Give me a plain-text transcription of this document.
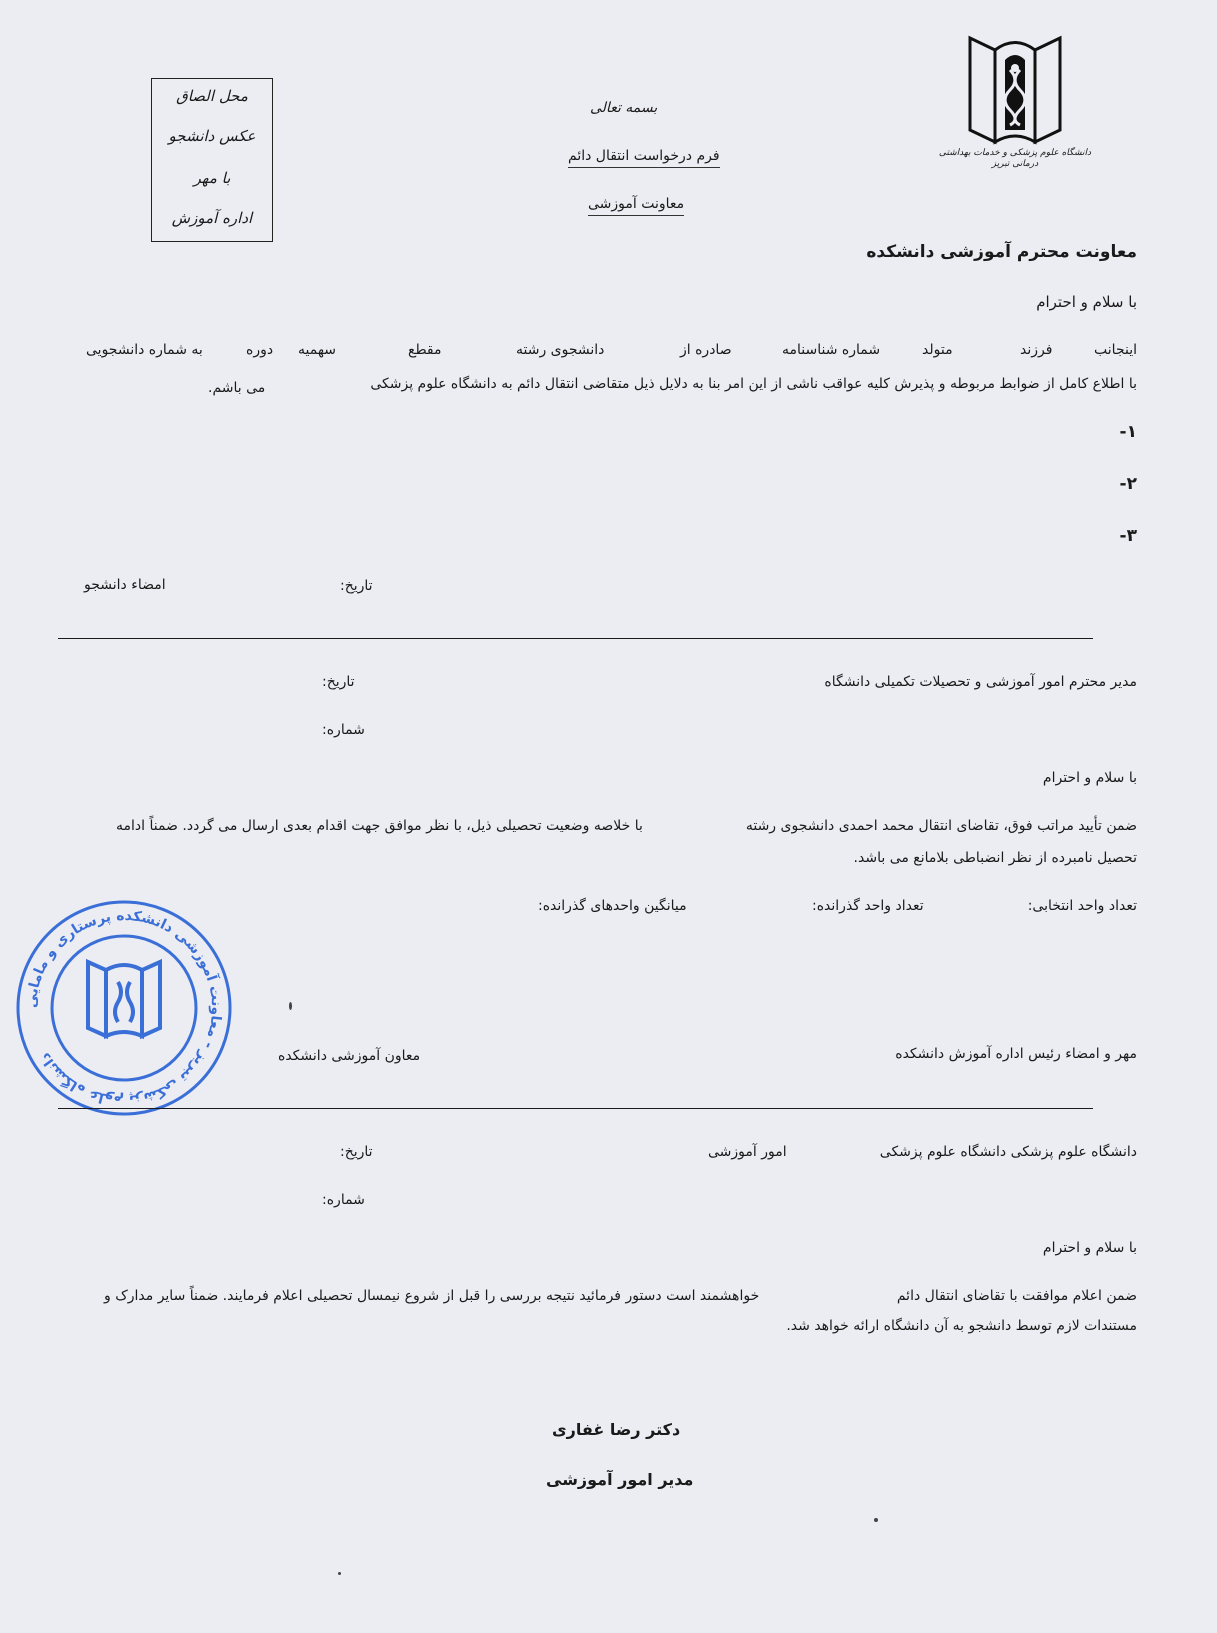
دانشگاه علوم پزشکی و خدمات بهداشتی درمانی تبریز
محل الصاق
عکس دانشجو
با مهر
اداره آموزش
بسمه تعالی
فرم درخواست انتقال دائم
معاونت آموزشی
معاونت محترم آموزشی دانشکده
با سلام و احترام
اینجانب
فرزند
متولد
شماره شناسنامه
صادره از
دانشجوی رشته
مقطع
سهمیه
دوره
به شماره دانشجویی
با اطلاع کامل از ضوابط مربوطه و پذیرش کلیه عواقب ناشی از این امر بنا به دلایل ذیل متقاضی انتقال دائم به دانشگاه علوم پزشکی
می باشم.
۱-
۲-
۳-
تاریخ:
امضاء دانشجو
مدیر محترم امور آموزشی و تحصیلات تکمیلی دانشگاه
تاریخ:
شماره:
با سلام و احترام
ضمن تأیید مراتب فوق، تقاضای انتقال محمد احمدی دانشجوی رشته
با خلاصه وضعیت تحصیلی ذیل، با نظر موافق جهت اقدام بعدی ارسال می گردد. ضمناً ادامه
تحصیل نامبرده از نظر انضباطی بلامانع می باشد.
تعداد واحد انتخابی:
تعداد واحد گذرانده:
میانگین واحدهای گذرانده:
مهر و امضاء رئیس اداره آموزش دانشکده
معاون آموزشی دانشکده
دانشگاه علوم پزشکی تبریز - معاونت آموزشی دانشکده پرستاری و مامایی
دانشگاه علوم پزشکی دانشگاه علوم پزشکی
امور آموزشی
تاریخ:
شماره:
با سلام و احترام
ضمن اعلام موافقت با تقاضای انتقال دائم
خواهشمند است دستور فرمائید نتیجه بررسی را قبل از شروع نیمسال تحصیلی اعلام فرمایند. ضمناً سایر مدارک و
مستندات لازم توسط دانشجو به آن دانشگاه ارائه خواهد شد.
دکتر رضا غفاری
مدیر امور آموزشی
